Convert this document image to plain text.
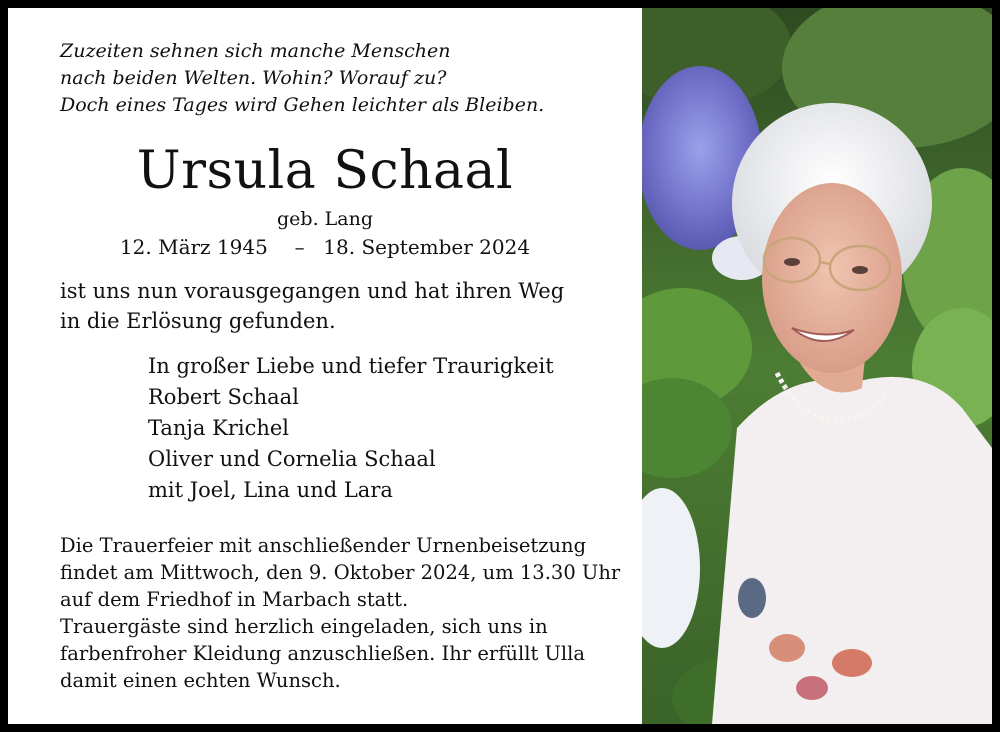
Zuzeiten sehnen sich manche Menschen
nach beiden Welten. Wohin? Worauf zu?
Doch eines Tages wird Gehen leichter als Bleiben.
Ursula Schaal
geb. Lang
12. März 1945 – 18. September 2024
ist uns nun vorausgegangen und hat ihren Weg
in die Erlösung gefunden.
In großer Liebe und tiefer Traurigkeit
Robert Schaal
Tanja Krichel
Oliver und Cornelia Schaal
mit Joel, Lina und Lara
Die Trauerfeier mit anschließender Urnenbeisetzung
findet am Mittwoch, den 9. Oktober 2024, um 13.30 Uhr
auf dem Friedhof in Marbach statt.
Trauergäste sind herzlich eingeladen, sich uns in
farbenfroher Kleidung anzuschließen. Ihr erfüllt Ulla
damit einen echten Wunsch.
